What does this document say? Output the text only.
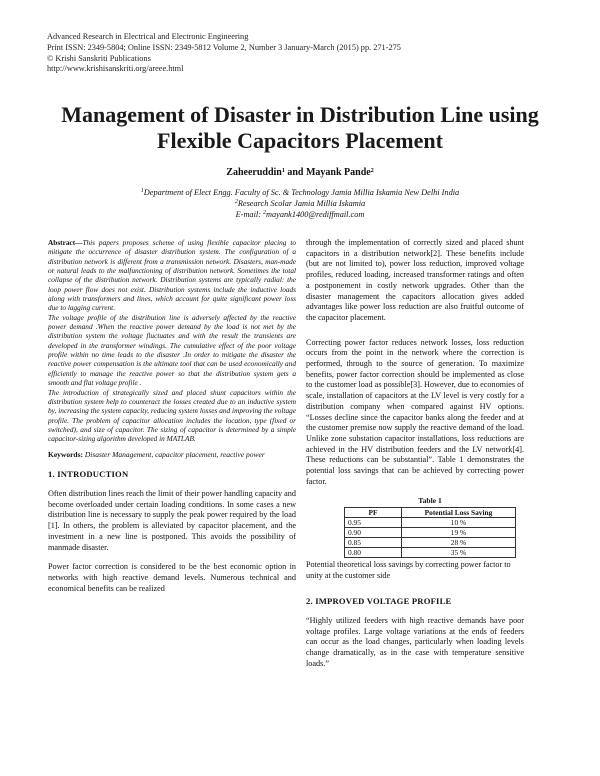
Advanced Research in Electrical and Electronic Engineering
Print ISSN: 2349-5804; Online ISSN: 2349-5812 Volume 2, Number 3 January-March (2015) pp. 271-275
© Krishi Sanskriti Publications
http://www.krishisanskriti.org/areee.html
Management of Disaster in Distribution Line using Flexible Capacitors Placement
Zaheeruddin$^1$ and Mayank Pande$^2$
$^1$Department of Elect Engg. Faculty of Sc. & Technology Jamia Millia Iskamia New Delhi India
$^2$Research Scolar Jamia Millia Iskamia
E-mail: $^2$mayank1400@rediffmail.com

Abstract—This papers proposes scheme of using flexible capacitor placing to mitigate the occurrence of disaster distribution system. The configuration of a distribution network is different from a transmission network. Disasters, man-made or natural leads to the malfunctioning of distribution network. Sometimes the total collapse of the distribution network. Distribution systems are typically radial: the loop power flow does not exist. Distribution systems include the inductive loads along with transformers and lines, which account for quite significant power loss due to lagging current.

The voltage profile of the distribution line is adversely affected by the reactive power demand .When the reactive power demand by the load is not met by the distribution system the voltage fluctuates and with the result the transients are developed in the transformer windings. The cumulative effect of the poor voltage profile within no time leads to the disaster .In order to mitigate the disaster the reactive power compensation is the ultimate tool that can be used economically and efficiently to manage the reactive power so that the distribution system gets a smooth and flat voltage profile .

The introduction of strategically sized and placed shunt capacitors within the distribution system help to counteract the losses created due to an inductive system by, increasing the system capacity, reducing system losses and improving the voltage profile. The problem of capacitor allocation includes the location, type (fixed or switched), and size of capacitor. The sizing of capacitor is determined by a simple capacitor-sizing algorithm developed in MATLAB.

Keywords: Disaster Management, capacitor placement, reactive power

1. INTRODUCTION

Often distribution lines reach the limit of their power handling capacity and become overloaded under certain loading conditions. In some cases a new distribution line is necessary to supply the peak power required by the load [1]. In others, the problem is alleviated by capacitor placement, and the investment in a new line is postponed. This avoids the possibility of manmade disaster.

Power factor correction is considered to be the best economic option in networks with high reactive demand levels. Numerous technical and economical benefits can be realized

through the implementation of correctly sized and placed shunt capacitors in a distribution network[2]. These benefits include (but are not limited to), power loss reduction, improved voltage profiles, reduced loading, increased transformer ratings and often a postponement in costly network upgrades. Other than the disaster management the capacitors allocation gives added advantages like power loss reduction are also fruitful outcome of the capacitor placement.

Correcting power factor reduces network losses, loss reduction occurs from the point in the network where the correction is performed, through to the source of generation. To maximize benefits, power factor correction should be implemented as close to the customer load as possible[3]. However, due to economies of scale, installation of capacitors at the LV level is very costly for a distribution company when compared against HV options. “Losses decline since the capacitor banks along the feeder and at the customer premise now supply the reactive demand of the load. Unlike zone substation capacitor installations, loss reductions are achieved in the HV distribution feeders and the LV network[4]. These reductions can be substantial”. Table 1 demonstrates the potential loss savings that can be achieved by correcting power factor.

Table 1
PF	Potential Loss Saving
0.95	10 %
0.90	19 %
0.85	28 %
0.80	35 %

Potential theoretical loss savings by correcting power factor to unity at the customer side

2. IMPROVED VOLTAGE PROFILE

“Highly utilized feeders with high reactive demands have poor voltage profiles. Large voltage variations at the ends of feeders can occur as the load changes, particularly when loading levels change dramatically, as in the case with temperature sensitive loads.”
